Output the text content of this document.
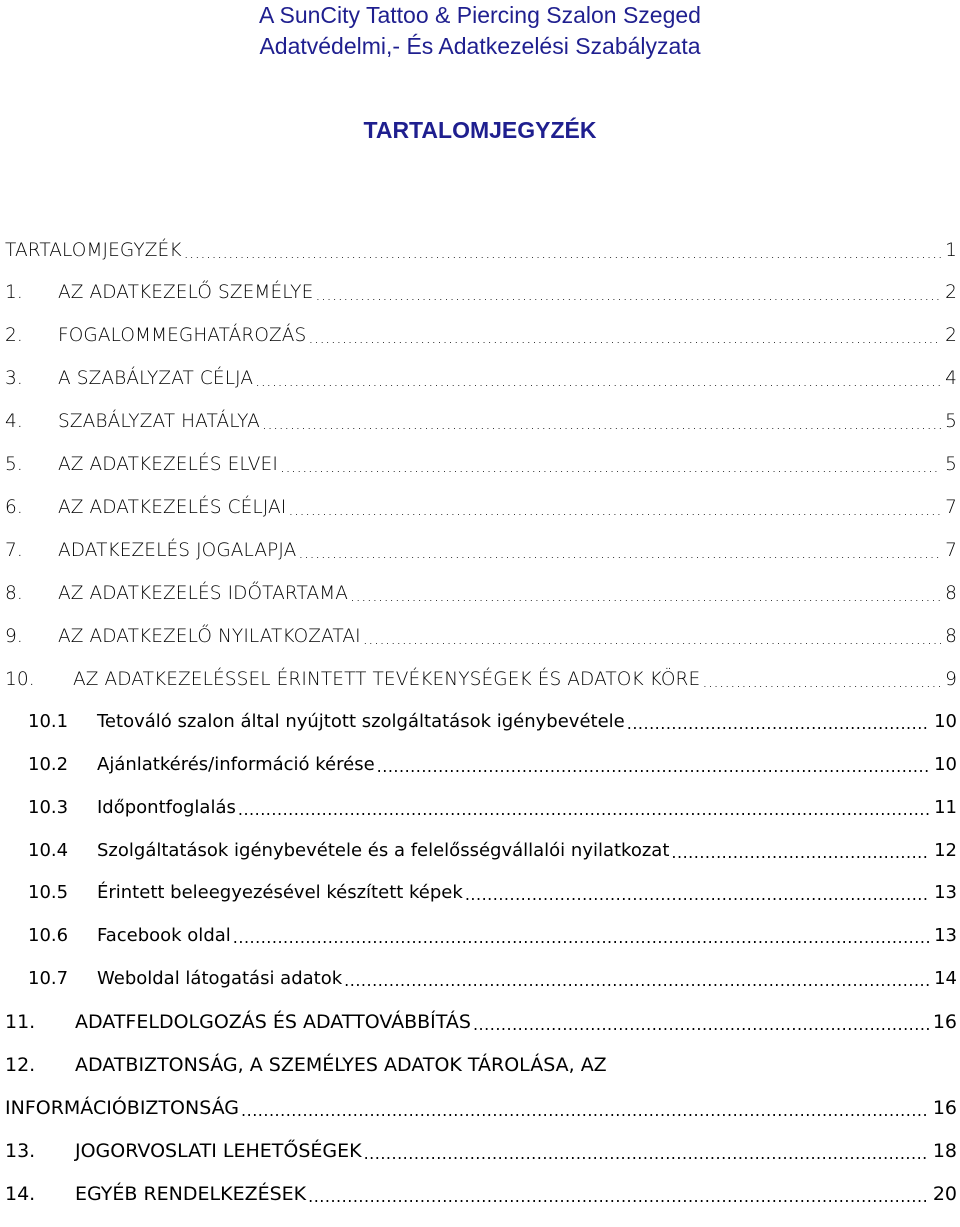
A SunCity Tattoo & Piercing Szalon Szeged
Adatvédelmi,- És Adatkezelési Szabályzata
TARTALOMJEGYZÉK
TARTALOMJEGYZÉK .....	1
1.	AZ ADATKEZELŐ SZEMÉLYE .....	2
2.	FOGALOMMEGHATÁROZÁS .....	2
3.	A SZABÁLYZAT CÉLJA .....	4
4.	SZABÁLYZAT HATÁLYA .....	5
5.	AZ ADATKEZELÉS ELVEI .....	5
6.	AZ ADATKEZELÉS CÉLJAI .....	7
7.	ADATKEZELÉS JOGALAPJA .....	7
8.	AZ ADATKEZELÉS IDŐTARTAMA .....	8
9.	AZ ADATKEZELŐ NYILATKOZATAI .....	8
10.	AZ ADATKEZELÉSSEL ÉRINTETT TEVÉKENYSÉGEK ÉS ADATOK KÖRE .....	9
10.1	Tetováló szalon által nyújtott szolgáltatások igénybevétele .....	10
10.2	Ajánlatkérés/információ kérése .....	10
10.3	Időpontfoglalás .....	11
10.4	Szolgáltatások igénybevétele és a felelősségvállalói nyilatkozat .....	12
10.5	Érintett beleegyezésével készített képek .....	13
10.6	Facebook oldal .....	13
10.7	Weboldal látogatási adatok .....	14
11.	ADATFELDOLGOZÁS ÉS ADATTOVÁBBÍTÁS .....	16
12.	ADATBIZTONSÁG, A SZEMÉLYES ADATOK TÁROLÁSA, AZ
INFORMÁCIÓBIZTONSÁG .....	16
13.	JOGORVOSLATI LEHETŐSÉGEK .....	18
14.	EGYÉB RENDELKEZÉSEK .....	20
